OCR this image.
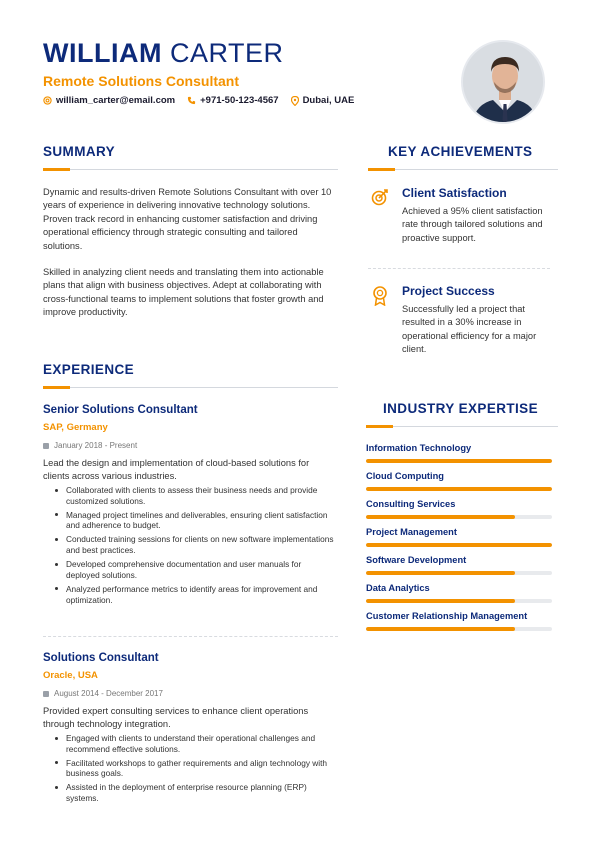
WILLIAM CARTER
Remote Solutions Consultant
william_carter@email.com	+971-50-123-4567	Dubai, UAE
SUMMARY
Dynamic and results-driven Remote Solutions Consultant with over 10 years of experience in delivering innovative technology solutions. Proven track record in enhancing customer satisfaction and driving operational efficiency through strategic consulting and tailored solutions.
Skilled in analyzing client needs and translating them into actionable plans that align with business objectives. Adept at collaborating with cross-functional teams to implement solutions that foster growth and improve productivity.
EXPERIENCE
Senior Solutions Consultant
SAP, Germany
January 2018 - Present
Lead the design and implementation of cloud-based solutions for clients across various industries.
Collaborated with clients to assess their business needs and provide customized solutions.
Managed project timelines and deliverables, ensuring client satisfaction and adherence to budget.
Conducted training sessions for clients on new software implementations and best practices.
Developed comprehensive documentation and user manuals for deployed solutions.
Analyzed performance metrics to identify areas for improvement and optimization.
Solutions Consultant
Oracle, USA
August 2014 - December 2017
Provided expert consulting services to enhance client operations through technology integration.
Engaged with clients to understand their operational challenges and recommend effective solutions.
Facilitated workshops to gather requirements and align technology with business goals.
Assisted in the deployment of enterprise resource planning (ERP) systems.
KEY ACHIEVEMENTS
Client Satisfaction
Achieved a 95% client satisfaction rate through tailored solutions and proactive support.
Project Success
Successfully led a project that resulted in a 30% increase in operational efficiency for a major client.
INDUSTRY EXPERTISE
Information Technology
Cloud Computing
Consulting Services
Project Management
Software Development
Data Analytics
Customer Relationship Management
